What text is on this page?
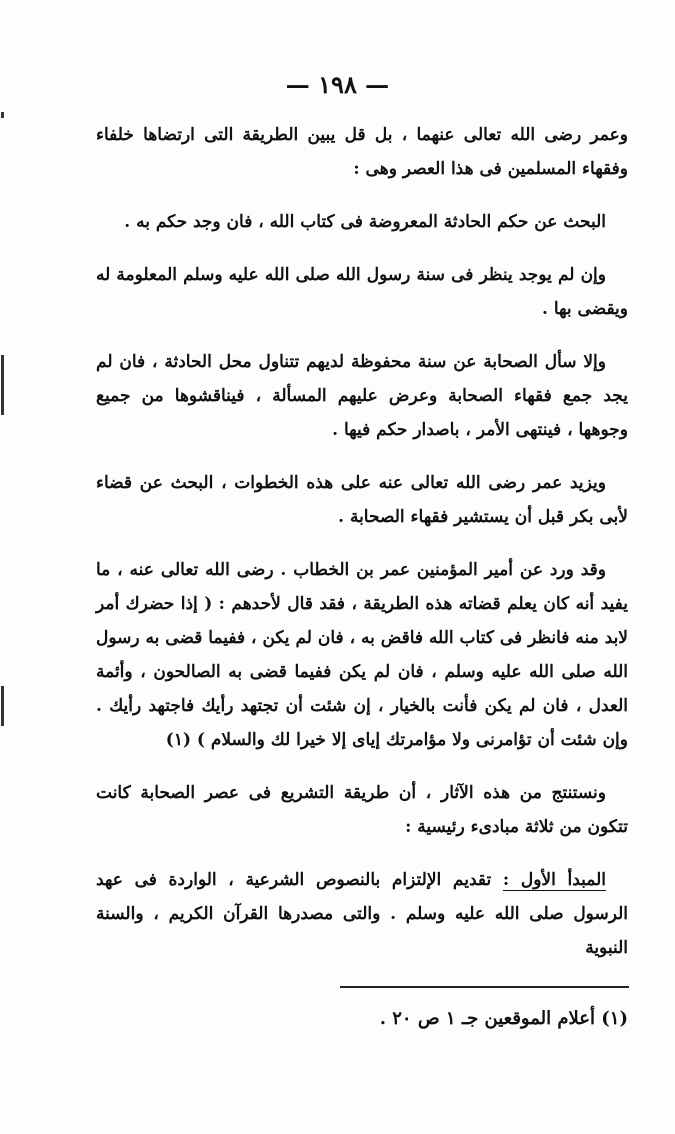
— ١٩٨ —

وعمر رضى الله تعالى عنهما ، بل قل يبين الطريقة التى ارتضاها خلفاء وفقهاء المسلمين فى هذا العصر وهى :

البحث عن حكم الحادثة المعروضة فى كتاب الله ، فان وجد حكم به .

وإن لم يوجد ينظر فى سنة رسول الله صلى الله عليه وسلم المعلومة له ويقضى بها .

وإلا سأل الصحابة عن سنة محفوظة لديهم تتناول محل الحادثة ، فان لم يجد جمع فقهاء الصحابة وعرض عليهم المسألة ، فيناقشوها من جميع وجوهها ، فينتهى الأمر ، باصدار حكم فيها .

ويزيد عمر رضى الله تعالى عنه على هذه الخطوات ، البحث عن قضاء لأبى بكر قبل أن يستشير فقهاء الصحابة .

وقد ورد عن أمير المؤمنين عمر بن الخطاب . رضى الله تعالى عنه ، ما يفيد أنه كان يعلم قضاته هذه الطريقة ، فقد قال لأحدهم : ( إذا حضرك أمر لابد منه فانظر فى كتاب الله فاقض به ، فان لم يكن ، ففيما قضى به رسول الله صلى الله عليه وسلم ، فان لم يكن ففيما قضى به الصالحون ، وأئمة العدل ، فان لم يكن فأنت بالخيار ، إن شئت أن تجتهد رأيك فاجتهد رأيك . وإن شئت أن تؤامرنى ولا مؤامرتك إياى إلا خيرا لك والسلام ) (١)

ونستنتج من هذه الآثار ، أن طريقة التشريع فى عصر الصحابة كانت تتكون من ثلاثة مبادىء رئيسية :

المبدأ الأول : تقديم الإلتزام بالنصوص الشرعية ، الواردة فى عهد الرسول صلى الله عليه وسلم . والتى مصدرها القرآن الكريم ، والسنة النبوية

(١) أعلام الموقعين جـ ١ ص ٢٠ .
